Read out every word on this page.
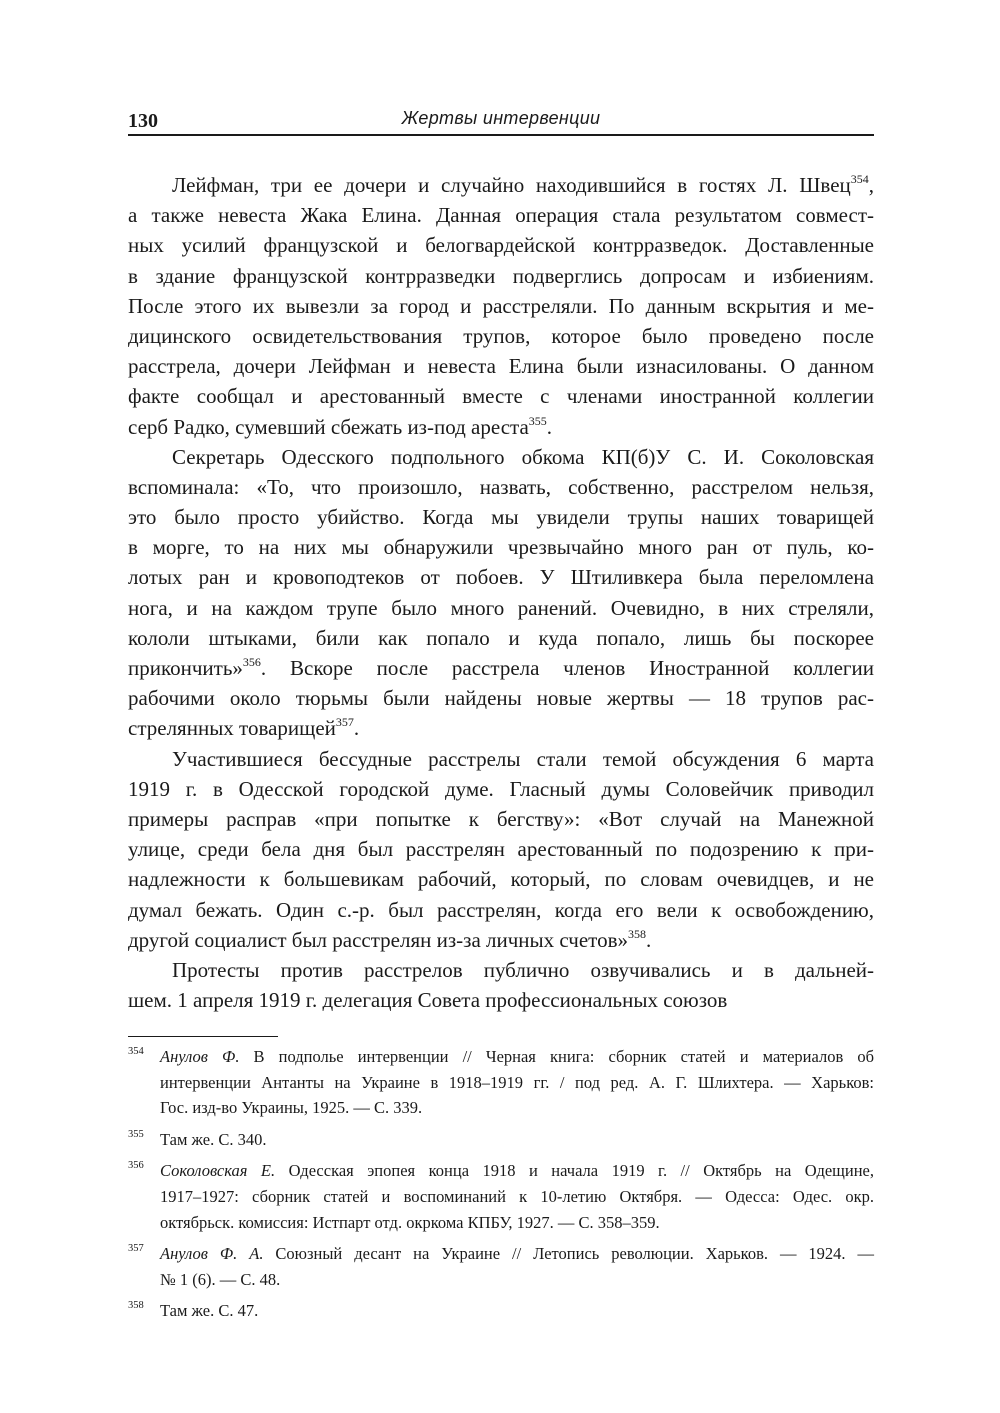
130	Жертвы интервенции
Лейфман, три ее дочери и случайно находившийся в гостях Л. Швец$^{354}$,
а также невеста Жака Елина. Данная операция стала результатом совмест-
ных усилий французской и белогвардейской контрразведок. Доставленные
в здание французской контрразведки подверглись допросам и избиениям.
После этого их вывезли за город и расстреляли. По данным вскрытия и ме-
дицинского освидетельствования трупов, которое было проведено после
расстрела, дочери Лейфман и невеста Елина были изнасилованы. О данном
факте сообщал и арестованный вместе с членами иностранной коллегии
серб Радко, сумевший сбежать из-под ареста$^{355}$.
Секретарь Одесского подпольного обкома КП(б)У С. И. Соколовская
вспоминала: «То, что произошло, назвать, собственно, расстрелом нельзя,
это было просто убийство. Когда мы увидели трупы наших товарищей
в морге, то на них мы обнаружили чрезвычайно много ран от пуль, ко-
лотых ран и кровоподтеков от побоев. У Штиливкера была переломлена
нога, и на каждом трупе было много ранений. Очевидно, в них стреляли,
кололи штыками, били как попало и куда попало, лишь бы поскорее
прикончить»$^{356}$. Вскоре после расстрела членов Иностранной коллегии
рабочими около тюрьмы были найдены новые жертвы — 18 трупов рас-
стрелянных товарищей$^{357}$.
Участившиеся бессудные расстрелы стали темой обсуждения 6 марта
1919 г. в Одесской городской думе. Гласный думы Соловейчик приводил
примеры расправ «при попытке к бегству»: «Вот случай на Манежной
улице, среди бела дня был расстрелян арестованный по подозрению к при-
надлежности к большевикам рабочий, который, по словам очевидцев, и не
думал бежать. Один с.-р. был расстрелян, когда его вели к освобождению,
другой социалист был расстрелян из-за личных счетов»$^{358}$.
Протесты против расстрелов публично озвучивались и в дальней-
шем. 1 апреля 1919 г. делегация Совета профессиональных союзов
354 Анулов Ф. В подполье интервенции // Черная книга: сборник статей и материалов об
интервенции Антанты на Украине в 1918–1919 гг. / под ред. А. Г. Шлихтера. — Харьков:
Гос. изд-во Украины, 1925. — С. 339.
355 Там же. С. 340.
356 Соколовская Е. Одесская эпопея конца 1918 и начала 1919 г. // Октябрь на Одещине,
1917–1927: сборник статей и воспоминаний к 10-летию Октября. — Одесса: Одес. окр.
октябрьск. комиссия: Истпарт отд. окркома КПБУ, 1927. — С. 358–359.
357 Анулов Ф. А. Союзный десант на Украине // Летопись революции. Харьков. — 1924. —
№ 1 (6). — С. 48.
358 Там же. С. 47.
